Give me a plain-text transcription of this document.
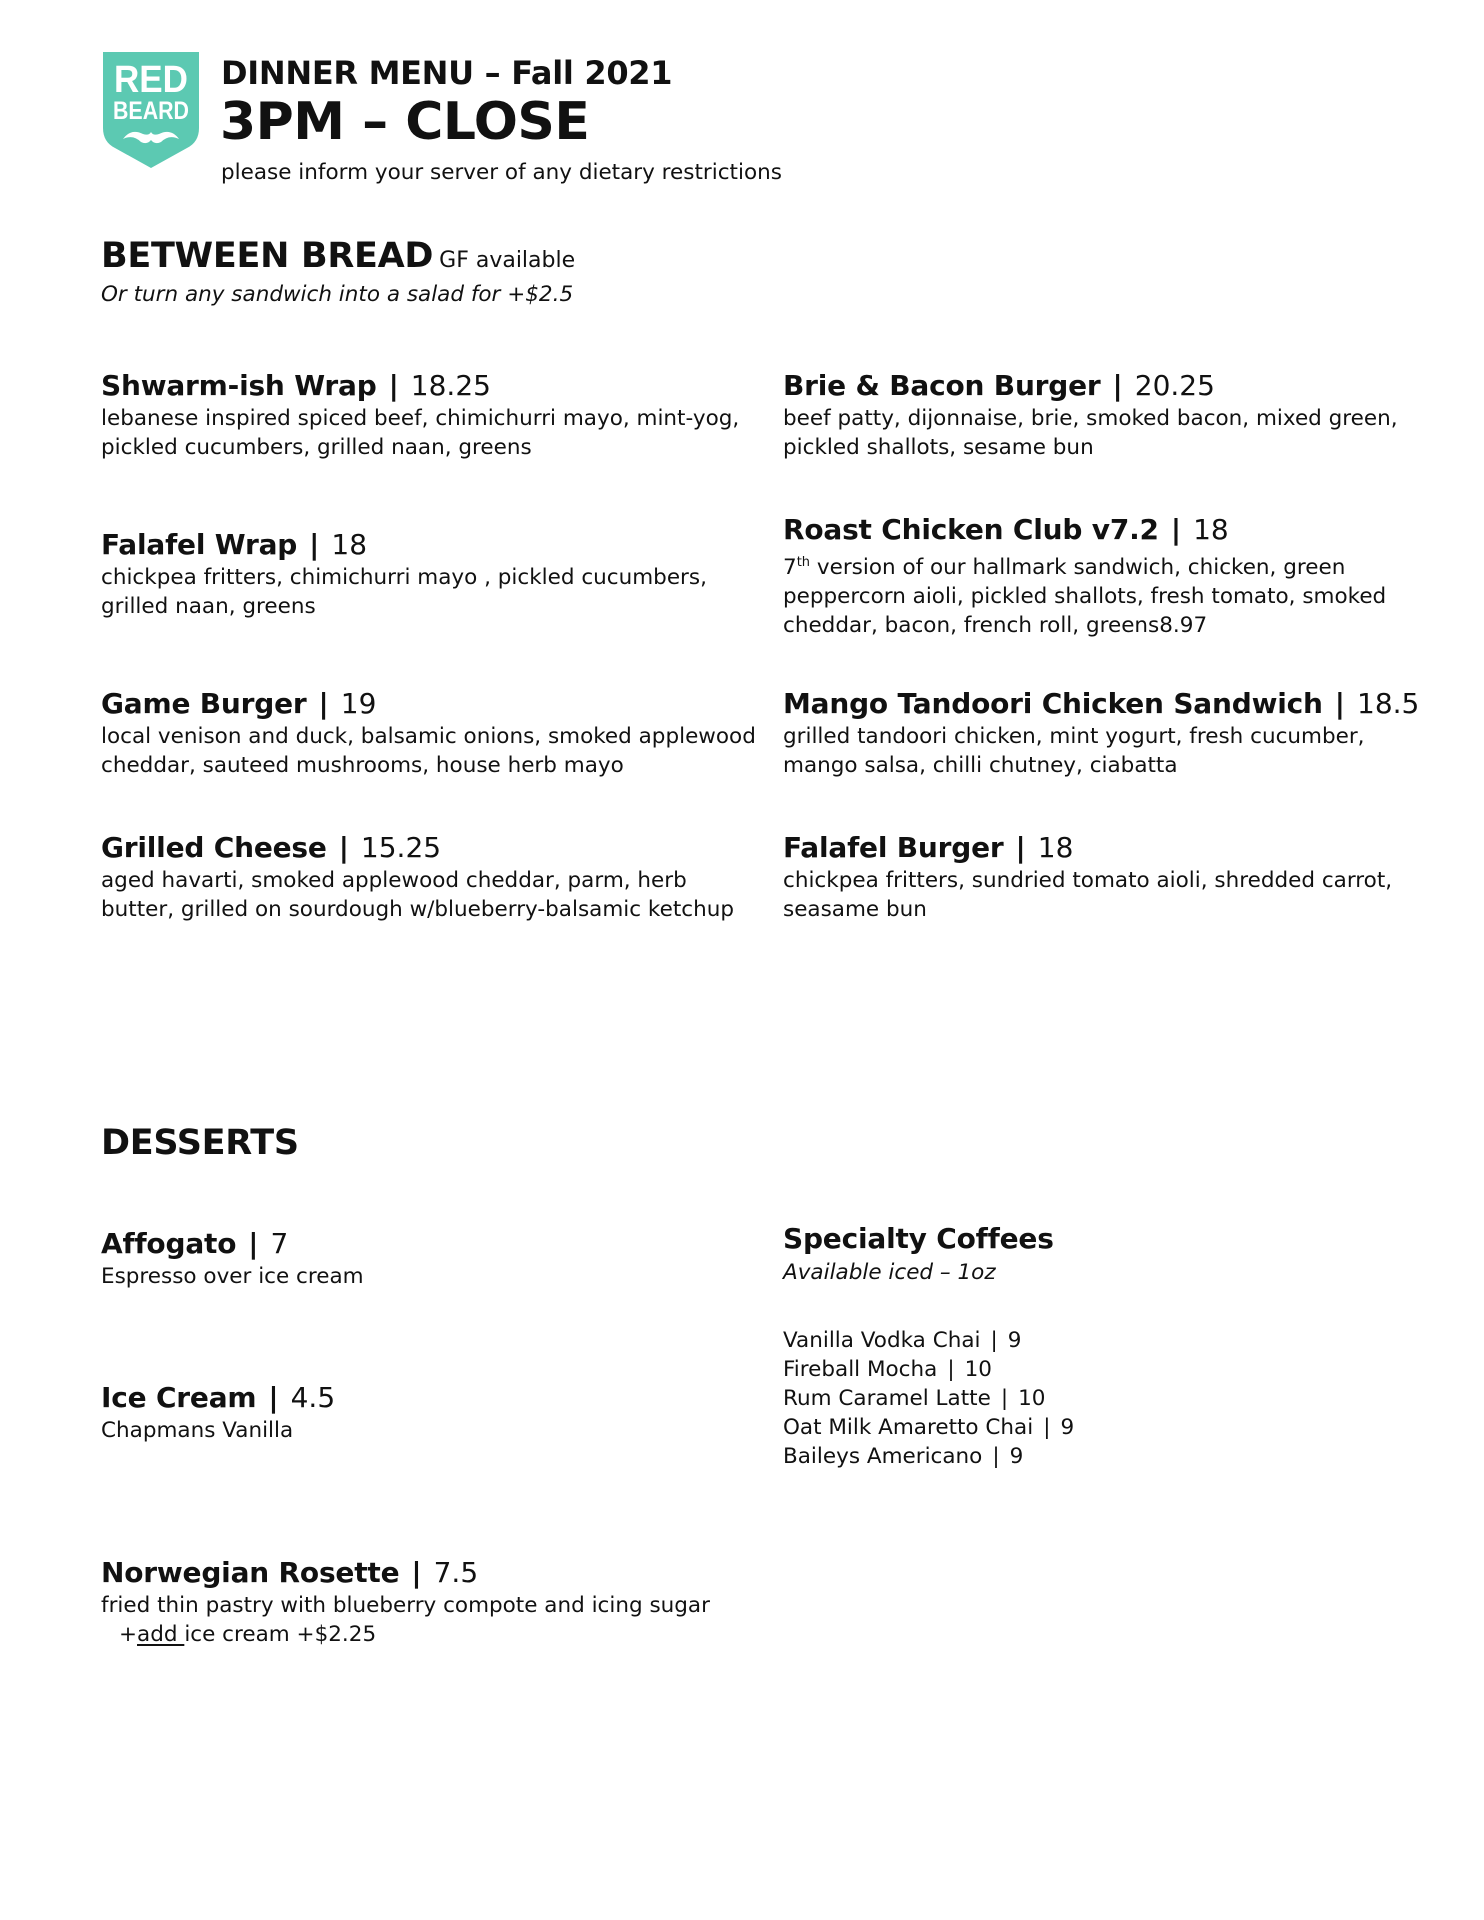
RED
BEARD
DINNER MENU – Fall 2021
3PM – CLOSE
please inform your server of any dietary restrictions
BETWEEN BREAD GF available
Or turn any sandwich into a salad for +$2.5
Shwarm-ish Wrap | 18.25
lebanese inspired spiced beef, chimichurri mayo, mint-yog, pickled cucumbers, grilled naan, greens
Brie & Bacon Burger | 20.25
beef patty, dijonnaise, brie, smoked bacon, mixed green, pickled shallots, sesame bun
Falafel Wrap | 18
chickpea fritters, chimichurri mayo , pickled cucumbers, grilled naan, greens
Roast Chicken Club v7.2 | 18
7th version of our hallmark sandwich, chicken, green peppercorn aioli, pickled shallots, fresh tomato, smoked cheddar, bacon, french roll, greens8.97
Game Burger | 19
local venison and duck, balsamic onions, smoked applewood cheddar, sauteed mushrooms, house herb mayo
Mango Tandoori Chicken Sandwich | 18.5
grilled tandoori chicken, mint yogurt, fresh cucumber, mango salsa, chilli chutney, ciabatta
Grilled Cheese | 15.25
aged havarti, smoked applewood cheddar, parm, herb butter, grilled on sourdough w/blueberry-balsamic ketchup
Falafel Burger | 18
chickpea fritters, sundried tomato aioli, shredded carrot, seasame bun
DESSERTS
Affogato | 7
Espresso over ice cream
Ice Cream | 4.5
Chapmans Vanilla
Norwegian Rosette | 7.5
fried thin pastry with blueberry compote and icing sugar
+add ice cream +$2.25
Specialty Coffees
Available iced – 1oz
Vanilla Vodka Chai | 9
Fireball Mocha | 10
Rum Caramel Latte | 10
Oat Milk Amaretto Chai | 9
Baileys Americano | 9
